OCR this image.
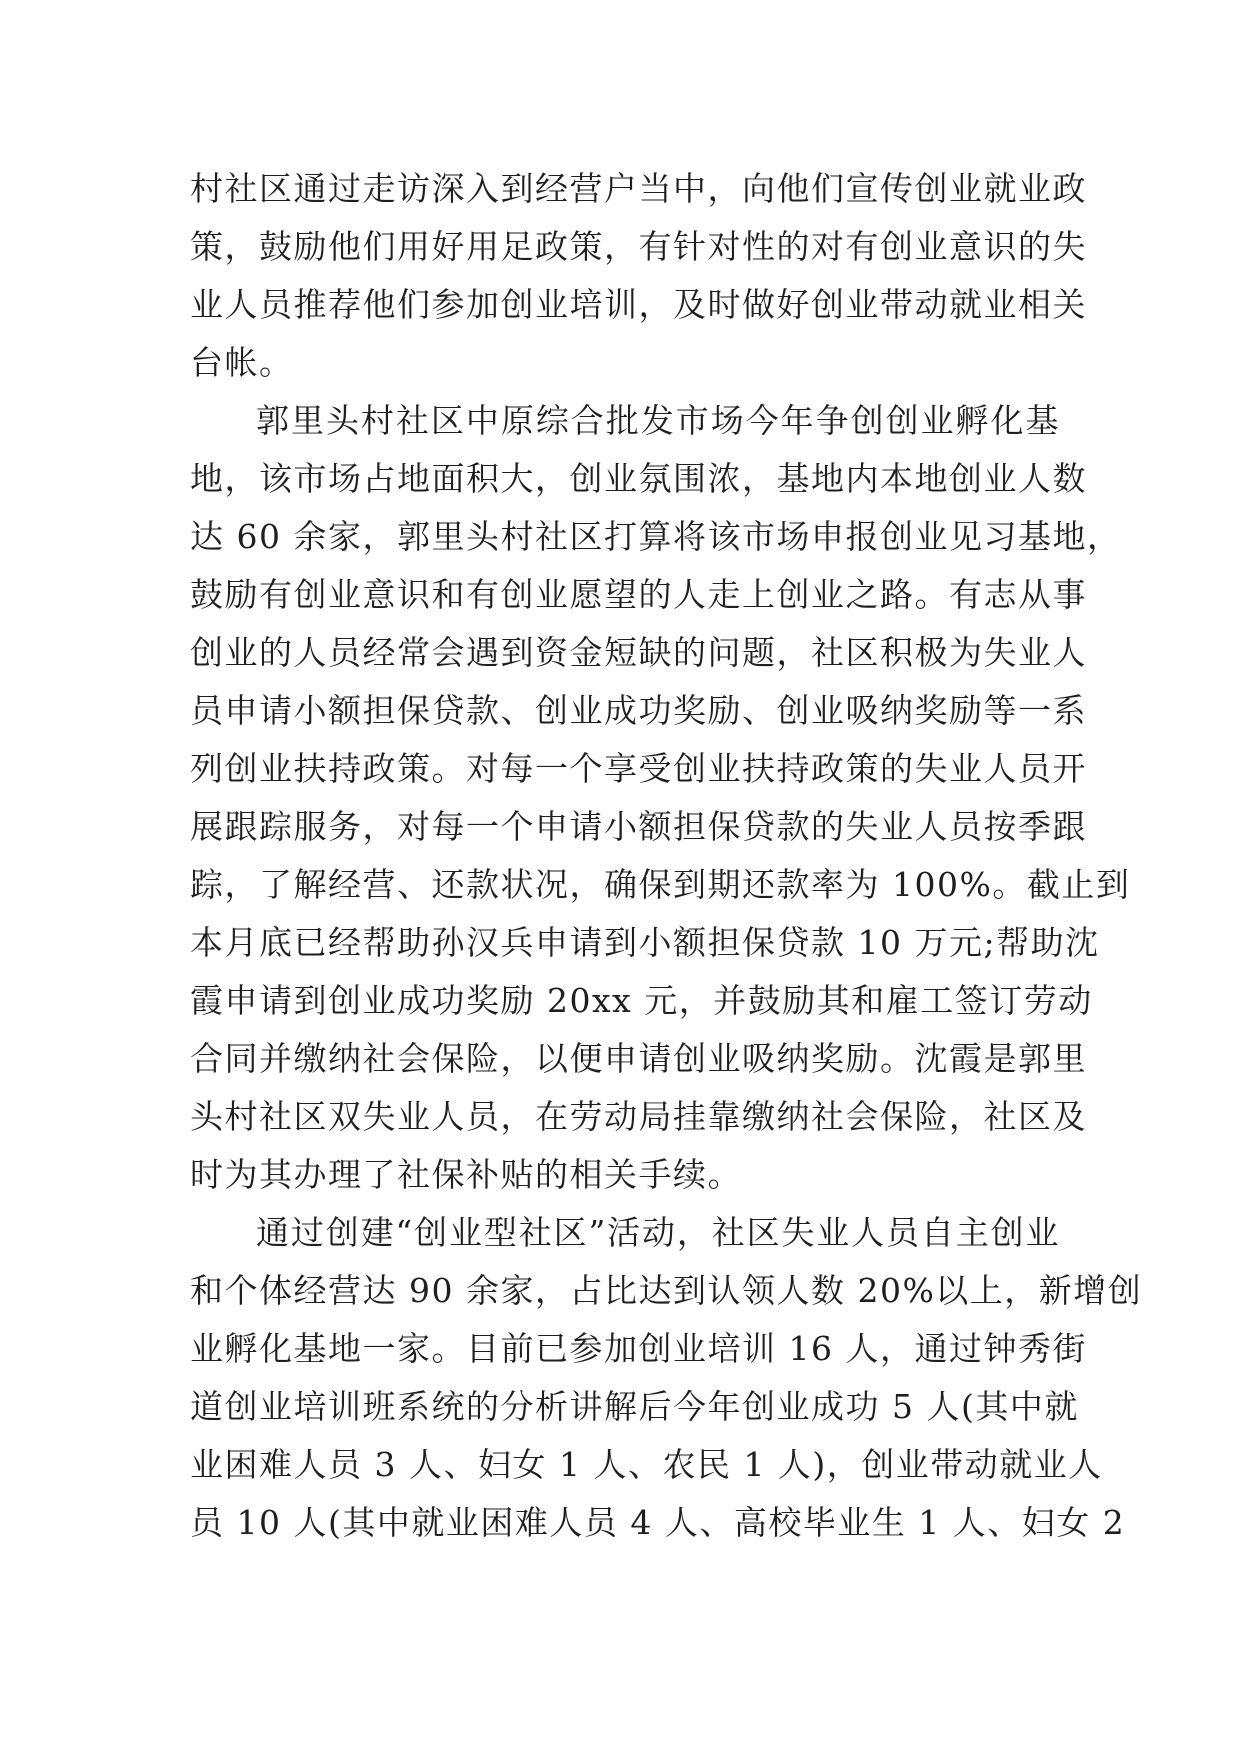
村社区通过走访深入到经营户当中，向他们宣传创业就业政
策，鼓励他们用好用足政策，有针对性的对有创业意识的失
业人员推荐他们参加创业培训，及时做好创业带动就业相关
台帐。
郭里头村社区中原综合批发市场今年争创创业孵化基
地，该市场占地面积大，创业氛围浓，基地内本地创业人数
达 60 余家，郭里头村社区打算将该市场申报创业见习基地，
鼓励有创业意识和有创业愿望的人走上创业之路。有志从事
创业的人员经常会遇到资金短缺的问题，社区积极为失业人
员申请小额担保贷款、创业成功奖励、创业吸纳奖励等一系
列创业扶持政策。对每一个享受创业扶持政策的失业人员开
展跟踪服务，对每一个申请小额担保贷款的失业人员按季跟
踪，了解经营、还款状况，确保到期还款率为 100%。截止到
本月底已经帮助孙汉兵申请到小额担保贷款 10 万元;帮助沈
霞申请到创业成功奖励 20xx 元，并鼓励其和雇工签订劳动
合同并缴纳社会保险，以便申请创业吸纳奖励。沈霞是郭里
头村社区双失业人员，在劳动局挂靠缴纳社会保险，社区及
时为其办理了社保补贴的相关手续。
通过创建“创业型社区”活动，社区失业人员自主创业
和个体经营达 90 余家，占比达到认领人数 20%以上，新增创
业孵化基地一家。目前已参加创业培训 16 人，通过钟秀街
道创业培训班系统的分析讲解后今年创业成功 5 人(其中就
业困难人员 3 人、妇女 1 人、农民 1 人)，创业带动就业人
员 10 人(其中就业困难人员 4 人、高校毕业生 1 人、妇女 2
